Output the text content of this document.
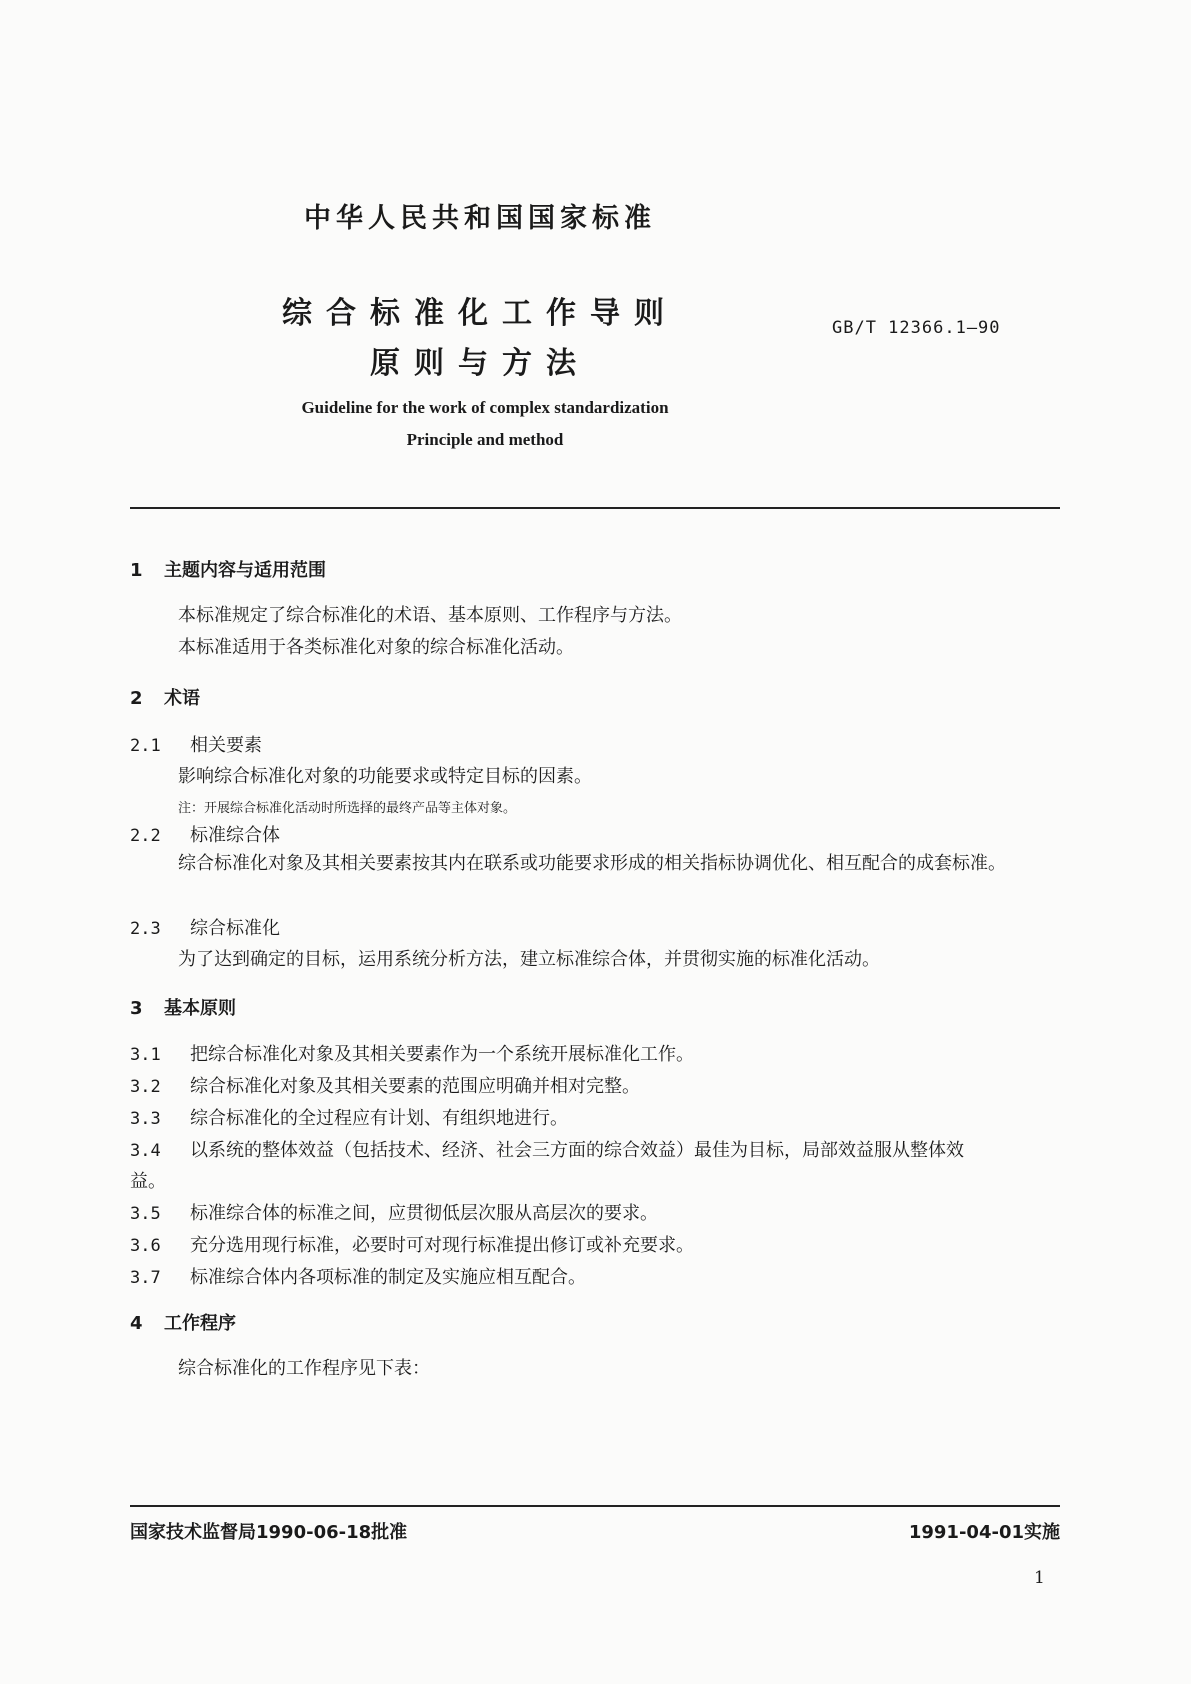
中华人民共和国国家标准
综合标准化工作导则
原则与方法
GB/T 12366.1—90
Guideline for the work of complex standardization
Principle and method
1 主题内容与适用范围
本标准规定了综合标准化的术语、基本原则、工作程序与方法。
本标准适用于各类标准化对象的综合标准化活动。
2 术语
2.1 相关要素
影响综合标准化对象的功能要求或特定目标的因素。
注：开展综合标准化活动时所选择的最终产品等主体对象。
2.2 标准综合体
综合标准化对象及其相关要素按其内在联系或功能要求形成的相关指标协调优化、相互配合的成套标准。
2.3 综合标准化
为了达到确定的目标，运用系统分析方法，建立标准综合体，并贯彻实施的标准化活动。
3 基本原则
3.1 把综合标准化对象及其相关要素作为一个系统开展标准化工作。
3.2 综合标准化对象及其相关要素的范围应明确并相对完整。
3.3 综合标准化的全过程应有计划、有组织地进行。
3.4 以系统的整体效益（包括技术、经济、社会三方面的综合效益）最佳为目标，局部效益服从整体效
益。
3.5 标准综合体的标准之间，应贯彻低层次服从高层次的要求。
3.6 充分选用现行标准，必要时可对现行标准提出修订或补充要求。
3.7 标准综合体内各项标准的制定及实施应相互配合。
4 工作程序
综合标准化的工作程序见下表：
国家技术监督局1990-06-18批准	1991-04-01实施
1
